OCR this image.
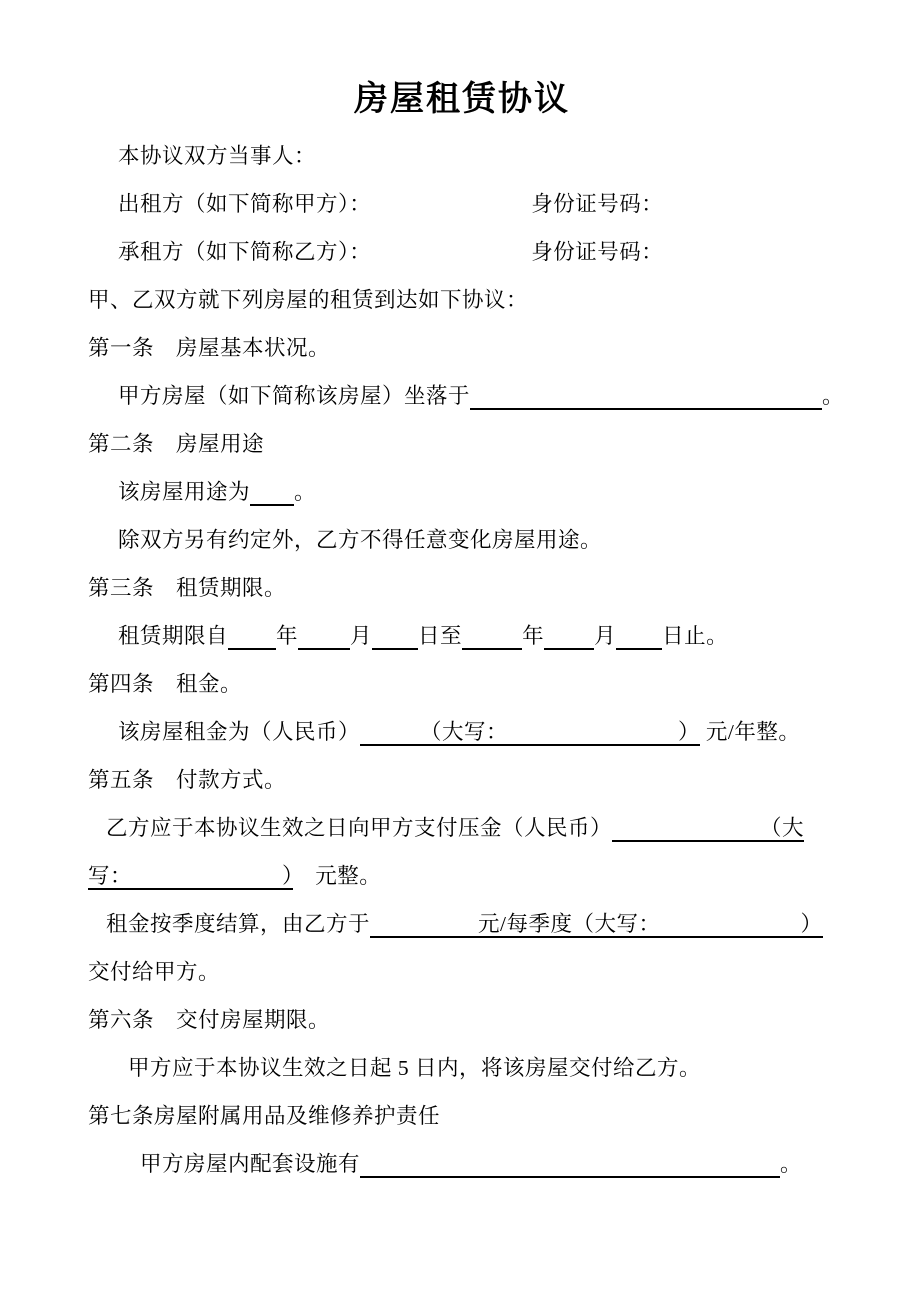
房屋租赁协议
本协议双方当事人：
出租方（如下简称甲方）：	身份证号码：
承租方（如下简称乙方）：	身份证号码：
甲、乙双方就下列房屋的租赁到达如下协议：
第一条　房屋基本状况。
甲方房屋（如下简称该房屋）坐落于	。
第二条　房屋用途
该房屋用途为 。
除双方另有约定外，乙方不得任意变化房屋用途。
第三条　租赁期限。
租赁期限自 年 月 日至	年 月 日止。
第四条　租金。
该房屋租金为（人民币）	（大写：	） 元/年整。
第五条　付款方式。
乙方应于本协议生效之日向甲方支付压金（人民币）	（大
写：	）　元整。
租金按季度结算，由乙方于	元/每季度（大写：	）
交付给甲方。
第六条　交付房屋期限。
甲方应于本协议生效之日起 5 日内，将该房屋交付给乙方。
第七条房屋附属用品及维修养护责任
甲方房屋内配套设施有	。
